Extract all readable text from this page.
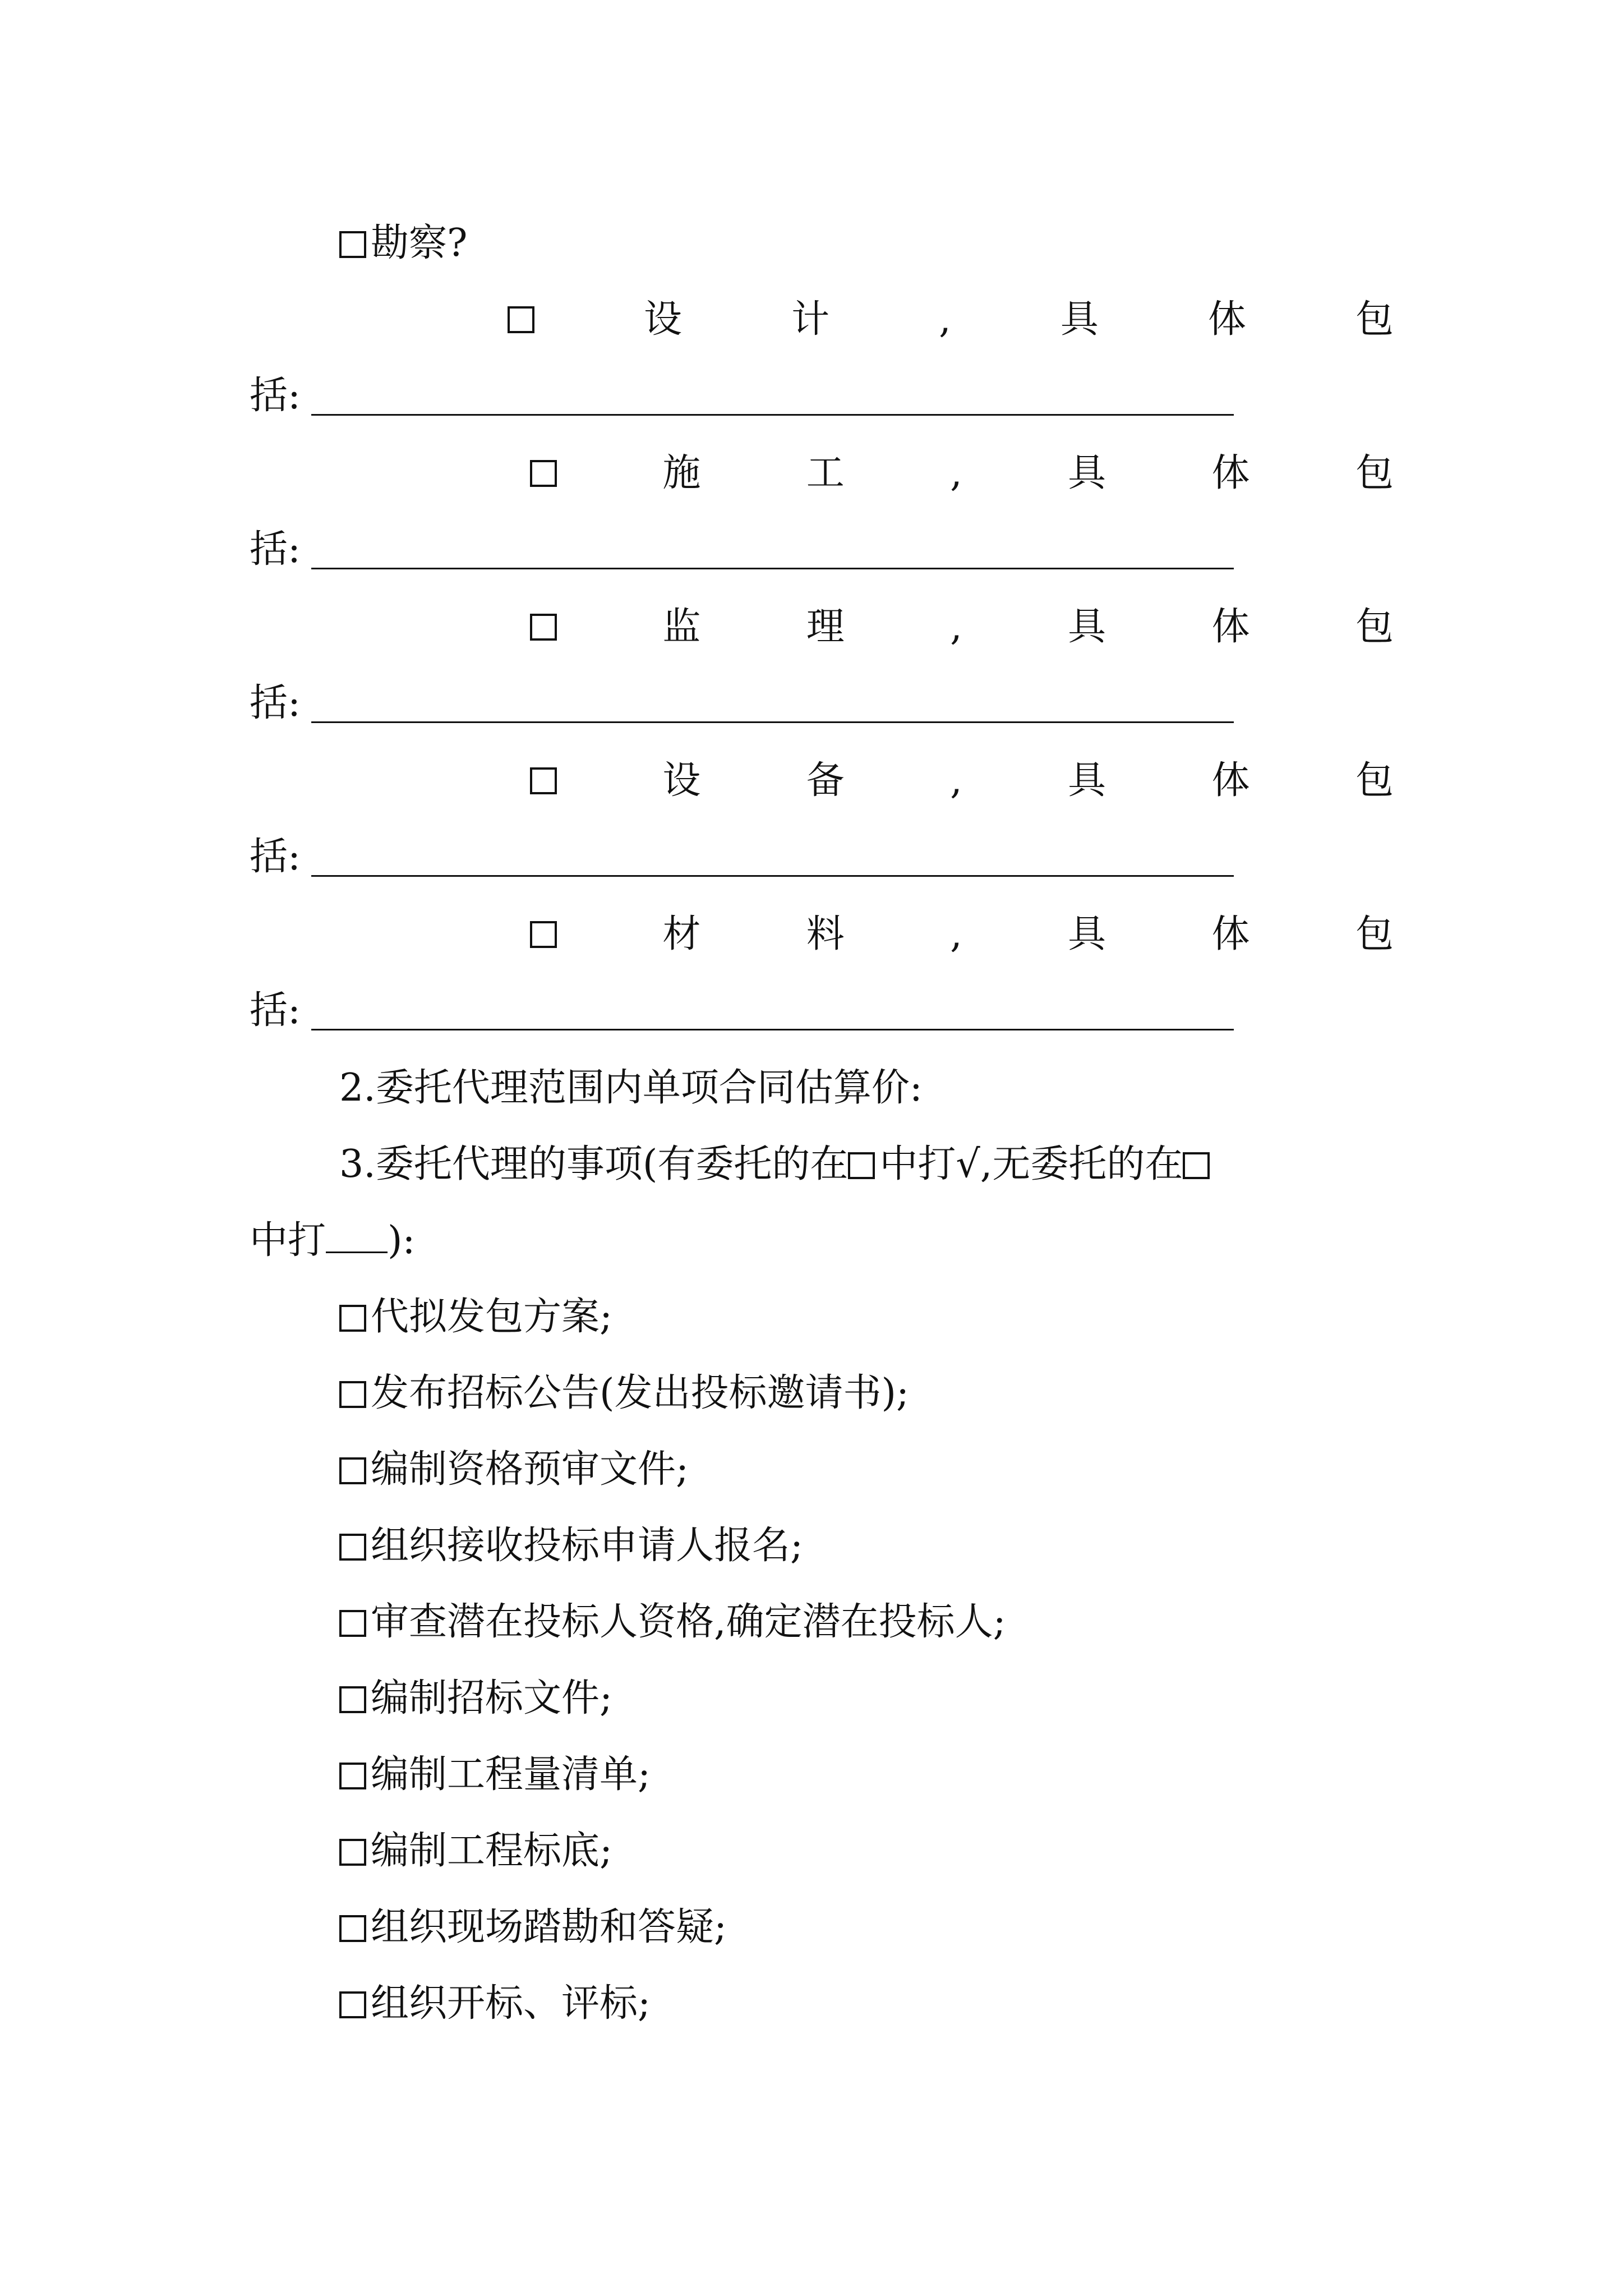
勘察?
设	计	,	具	体	包
括:
施	工	,	具	体	包
括:
监	理	,	具	体	包
括:
设	备	,	具	体	包
括:
材	料	,	具	体	包
括:
2.委托代理范围内单项合同估算价:
3.委托代理的事项(有委托的在 中打√,无委托的在
中打 ):
代拟发包方案;
发布招标公告(发出投标邀请书);
编制资格预审文件;
组织接收投标申请人报名;
审查潜在投标人资格,确定潜在投标人;
编制招标文件;
编制工程量清单;
编制工程标底;
组织现场踏勘和答疑;
组织开标、评标;
